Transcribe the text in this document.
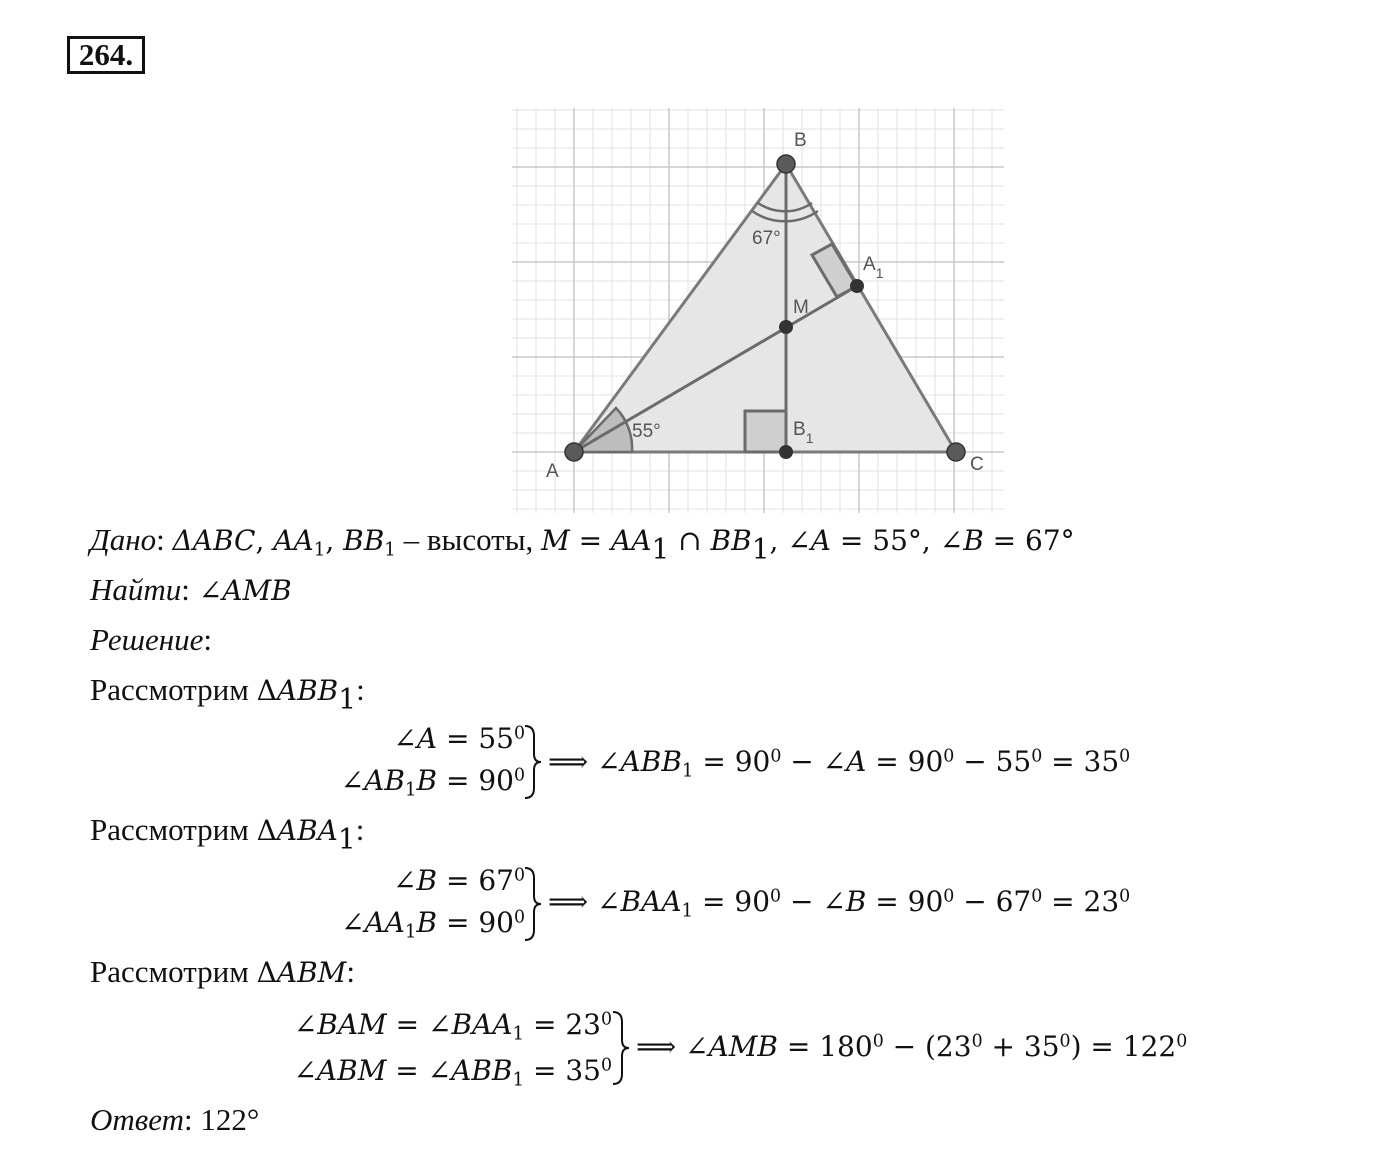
264.
A
B
C
M
$A_1$
$B_1$
55°
67°
Дано: ΔABC, $AA_1$, $BB_1$ – высоты, $M = AA_1$ ∩ $BB_1$, ∠A = 55°, ∠B = 67°
Найти: ∠AMB
Решение:
Рассмотрим $\Delta ABB_1$:
∠A = $55^0$
$\angle AB_1B = 90^0$ ⟹ $\angle ABB_1 = 90^0$ − ∠A = $90^0 - 55^0 = 35^0$
Рассмотрим $\Delta ABA_1$:
∠B = $67^0$
$\angle AA_1B = 90^0$ ⟹ $\angle BAA_1 = 90^0$ − ∠B = $90^0 - 67^0 = 23^0$
Рассмотрим ΔABM:
∠BAM = $\angle BAA_1 = 23^0$
∠ABM = $\angle ABB_1 = 35^0$
⟹ ∠AMB = $180^0 - (23^0 + 35^0) = 122^0$
Ответ: 122°
